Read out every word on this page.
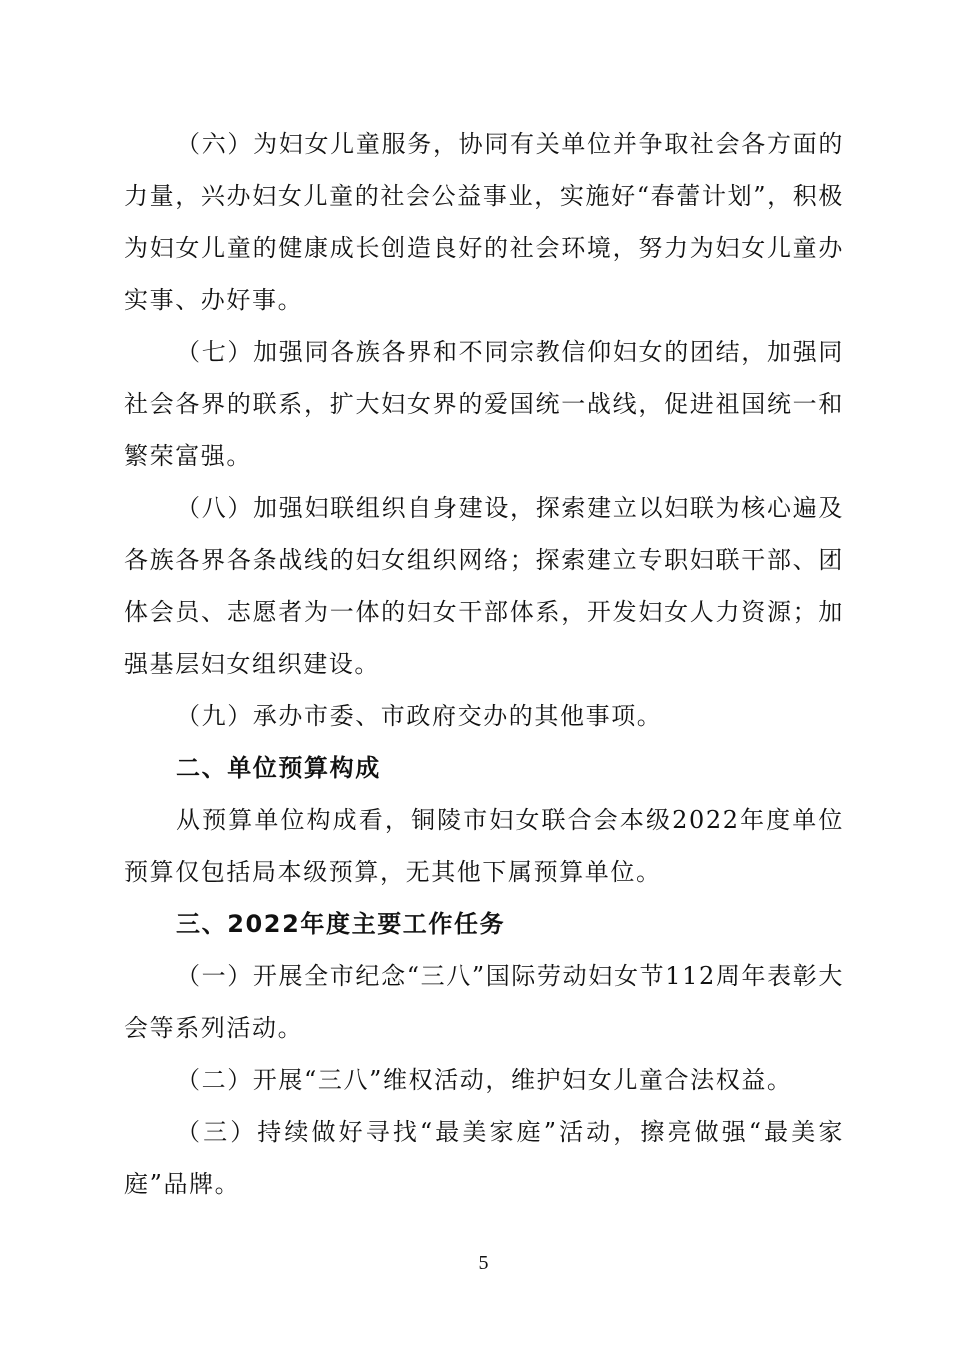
（六）为妇女儿童服务，协同有关单位并争取社会各方面的力量，兴办妇女儿童的社会公益事业，实施好“春蕾计划”，积极为妇女儿童的健康成长创造良好的社会环境，努力为妇女儿童办实事、办好事。

（七）加强同各族各界和不同宗教信仰妇女的团结，加强同社会各界的联系，扩大妇女界的爱国统一战线，促进祖国统一和繁荣富强。

（八）加强妇联组织自身建设，探索建立以妇联为核心遍及各族各界各条战线的妇女组织网络；探索建立专职妇联干部、团体会员、志愿者为一体的妇女干部体系，开发妇女人力资源；加强基层妇女组织建设。

（九）承办市委、市政府交办的其他事项。

二、单位预算构成

从预算单位构成看，铜陵市妇女联合会本级2022年度单位预算仅包括局本级预算，无其他下属预算单位。

三、2022年度主要工作任务

（一）开展全市纪念“三八”国际劳动妇女节112周年表彰大会等系列活动。

（二）开展“三八”维权活动，维护妇女儿童合法权益。

（三）持续做好寻找“最美家庭”活动，擦亮做强“最美家庭”品牌。

5
